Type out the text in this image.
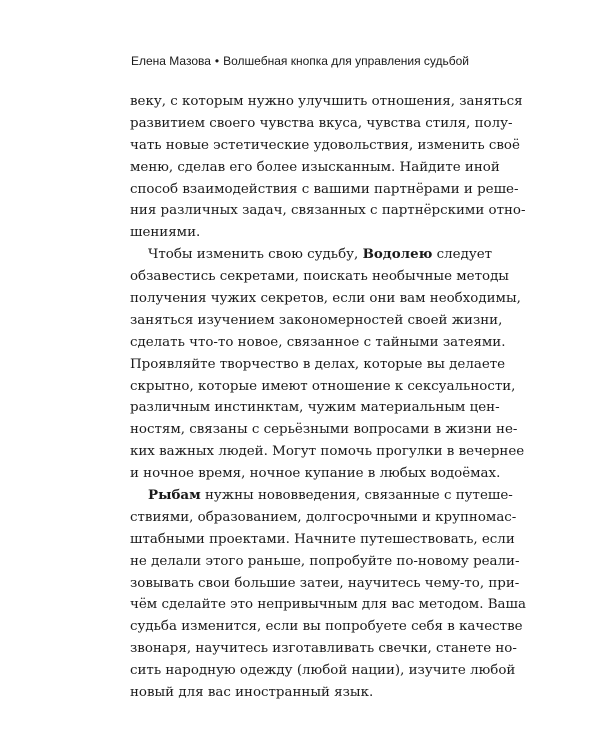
Елена Мазова • Волшебная кнопка для управления судьбой
веку, с которым нужно улучшить отношения, заняться
развитием своего чувства вкуса, чувства стиля, полу-
чать новые эстетические удовольствия, изменить своё
меню, сделав его более изысканным. Найдите иной
способ взаимодействия с вашими партнёрами и реше-
ния различных задач, связанных с партнёрскими отно-
шениями.
Чтобы изменить свою судьбу, Водолею следует
обзавестись секретами, поискать необычные методы
получения чужих секретов, если они вам необходимы,
заняться изучением закономерностей своей жизни,
сделать что-то новое, связанное с тайными затеями.
Проявляйте творчество в делах, которые вы делаете
скрытно, которые имеют отношение к сексуальности,
различным инстинктам, чужим материальным цен-
ностям, связаны с серьёзными вопросами в жизни не-
ких важных людей. Могут помочь прогулки в вечернее
и ночное время, ночное купание в любых водоёмах.
Рыбам нужны нововведения, связанные с путеше-
ствиями, образованием, долгосрочными и крупномас-
штабными проектами. Начните путешествовать, если
не делали этого раньше, попробуйте по-новому реали-
зовывать свои большие затеи, научитесь чему-то, при-
чём сделайте это непривычным для вас методом. Ваша
судьба изменится, если вы попробуете себя в качестве
звонаря, научитесь изготавливать свечки, станете но-
сить народную одежду (любой нации), изучите любой
новый для вас иностранный язык.
